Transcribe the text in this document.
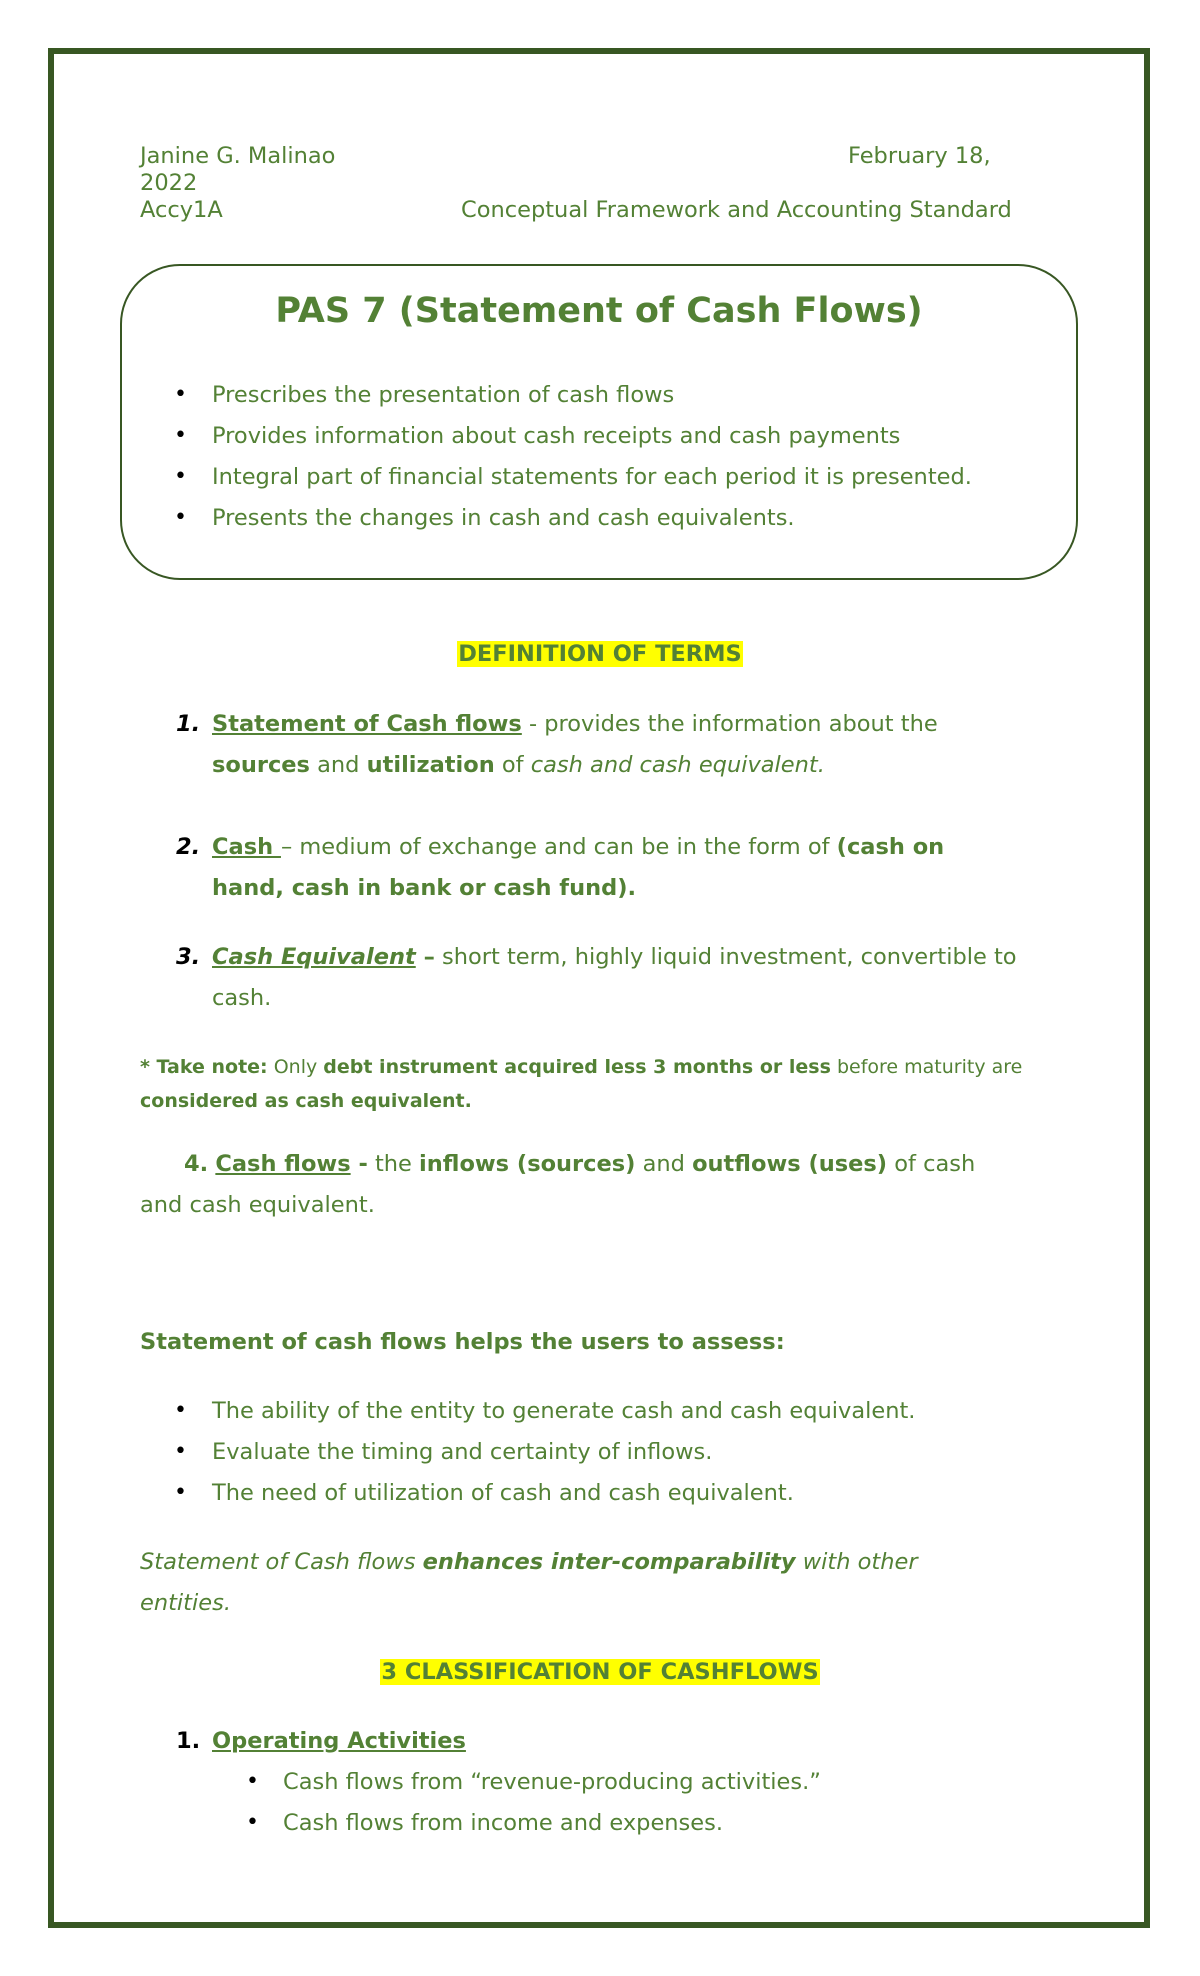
Janine G. Malinao	February 18,
2022
Accy1A	Conceptual Framework and Accounting Standard
PAS 7 (Statement of Cash Flows)
• Prescribes the presentation of cash flows
• Provides information about cash receipts and cash payments
• Integral part of financial statements for each period it is presented.
• Presents the changes in cash and cash equivalents.
DEFINITION OF TERMS
1. Statement of Cash flows - provides the information about the
sources and utilization of cash and cash equivalent.
2. Cash – medium of exchange and can be in the form of (cash on
hand, cash in bank or cash fund).
3. Cash Equivalent – short term, highly liquid investment, convertible to
cash.
* Take note: Only debt instrument acquired less 3 months or less before maturity are
considered as cash equivalent.
4. Cash flows - the inflows (sources) and outflows (uses) of cash
and cash equivalent.
Statement of cash flows helps the users to assess:
• The ability of the entity to generate cash and cash equivalent.
• Evaluate the timing and certainty of inflows.
• The need of utilization of cash and cash equivalent.
Statement of Cash flows enhances inter-comparability with other
entities.
3 CLASSIFICATION OF CASHFLOWS
1. Operating Activities
• Cash flows from “revenue-producing activities.”
• Cash flows from income and expenses.
